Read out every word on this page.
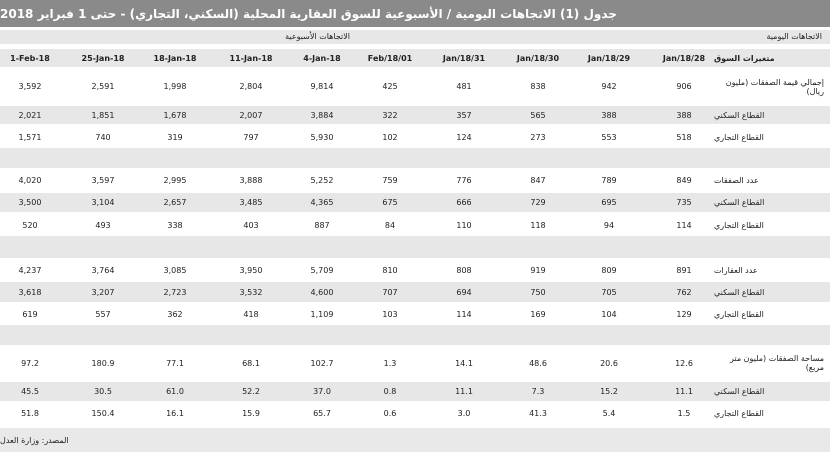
جدول (1) الاتجاهات اليومية / الأسبوعية للسوق العقارية المحلية (السكني، التجاري) - حتى 1 فبراير 2018
الاتجاهات اليومية
الاتجاهات الأسبوعية
متغيرات السوق
1-Feb-18	25-Jan-18	18-Jan-18	11-Jan-18	4-Jan-18	Feb/18/01	Jan/18/31	Jan/18/30	Jan/18/29	Jan/18/28
إجمالي قيمة الصفقات (مليون ريال)
3,592	2,591	1,998	2,804	9,814	425	481	838	942	906
القطاع السكني
2,021	1,851	1,678	2,007	3,884	322	357	565	388	388
القطاع التجاري
1,571	740	319	797	5,930	102	124	273	553	518
عدد الصفقات
4,020	3,597	2,995	3,888	5,252	759	776	847	789	849
القطاع السكني
3,500	3,104	2,657	3,485	4,365	675	666	729	695	735
القطاع التجاري
520	493	338	403	887	84	110	118	94	114
عدد العقارات
4,237	3,764	3,085	3,950	5,709	810	808	919	809	891
القطاع السكني
3,618	3,207	2,723	3,532	4,600	707	694	750	705	762
القطاع التجاري
619	557	362	418	1,109	103	114	169	104	129
مساحة الصفقات (مليون متر مربع)
97.2	180.9	77.1	68.1	102.7	1.3	14.1	48.6	20.6	12.6
القطاع السكني
45.5	30.5	61.0	52.2	37.0	0.8	11.1	7.3	15.2	11.1
القطاع التجاري
51.8	150.4	16.1	15.9	65.7	0.6	3.0	41.3	5.4	1.5
المصدر: وزارة العدل
